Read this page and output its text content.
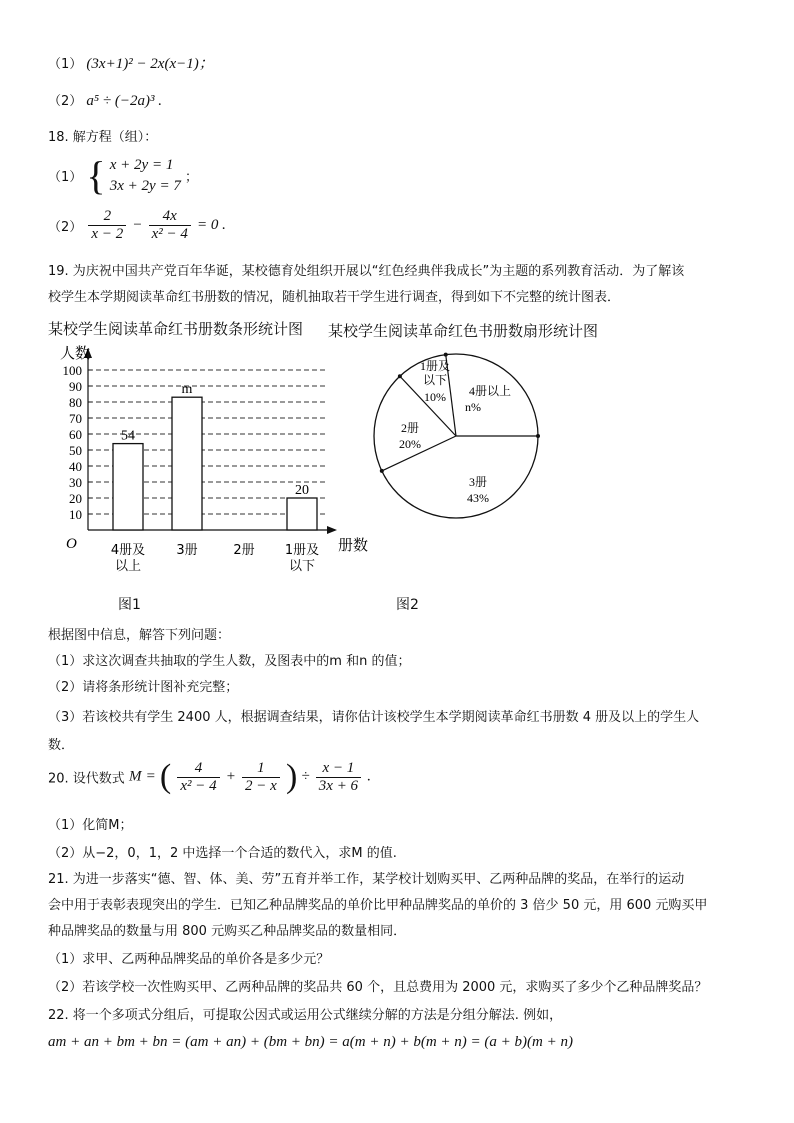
（1） (3x+1)² − 2x(x−1)；
（2） a⁵ ÷ (−2a)³ .
18. 解方程（组）：
（1） { x + 2y = 1
3x + 2y = 7 ；
$(2) \frac{2}{x - 2} - \frac{4x}{\text{x² − 4}} = 0$ .
19. 为庆祝中国共产党百年华诞，某校德育处组织开展以“红色经典伴我成长”为主题的系列教育活动．为了解该
校学生本学期阅读革命红书册数的情况，随机抽取若干学生进行调查，得到如下不完整的统计图表．
某校学生阅读革命红书册数条形统计图 某校学生阅读革命红色书册数扇形统计图
10
20
30
40
50
60
70
80
90
100
人数
册数
O
54
4册及
以上
m
3册	2册
20
1册及
以下
4册以上
n%
3册
43%
2册
20%
1册及
以下
10%
图1	图2
根据图中信息，解答下列问题：
（1）求这次调查共抽取的学生人数，及图表中的m 和n 的值；
（2）请将条形统计图补充完整；
（3）若该校共有学生 2400 人，根据调查结果，请你估计该校学生本学期阅读革命红书册数 4 册及以上的学生人
数．
20. 设代数式 M = ( $\frac{4}{\text{x² − 4}} + \frac{1}{2 - x}$ ) ÷ $\frac{x - 1}{3x + 6}$ .
（1）化简M；
（2）从−2，0，1，2 中选择一个合适的数代入，求M 的值.
21. 为进一步落实“德、智、体、美、劳”五育并举工作，某学校计划购买甲、乙两种品牌的奖品，在举行的运动
会中用于表彰表现突出的学生．已知乙种品牌奖品的单价比甲种品牌奖品的单价的 3 倍少 50 元，用 600 元购买甲
种品牌奖品的数量与用 800 元购买乙种品牌奖品的数量相同．
（1）求甲、乙两种品牌奖品的单价各是多少元？
（2）若该学校一次性购买甲、乙两种品牌的奖品共 60 个，且总费用为 2000 元，求购买了多少个乙种品牌奖品？
22. 将一个多项式分组后，可提取公因式或运用公式继续分解的方法是分组分解法. 例如，
am + an + bm + bn = (am + an) + (bm + bn) = a(m + n) + b(m + n) = (a + b)(m + n)
